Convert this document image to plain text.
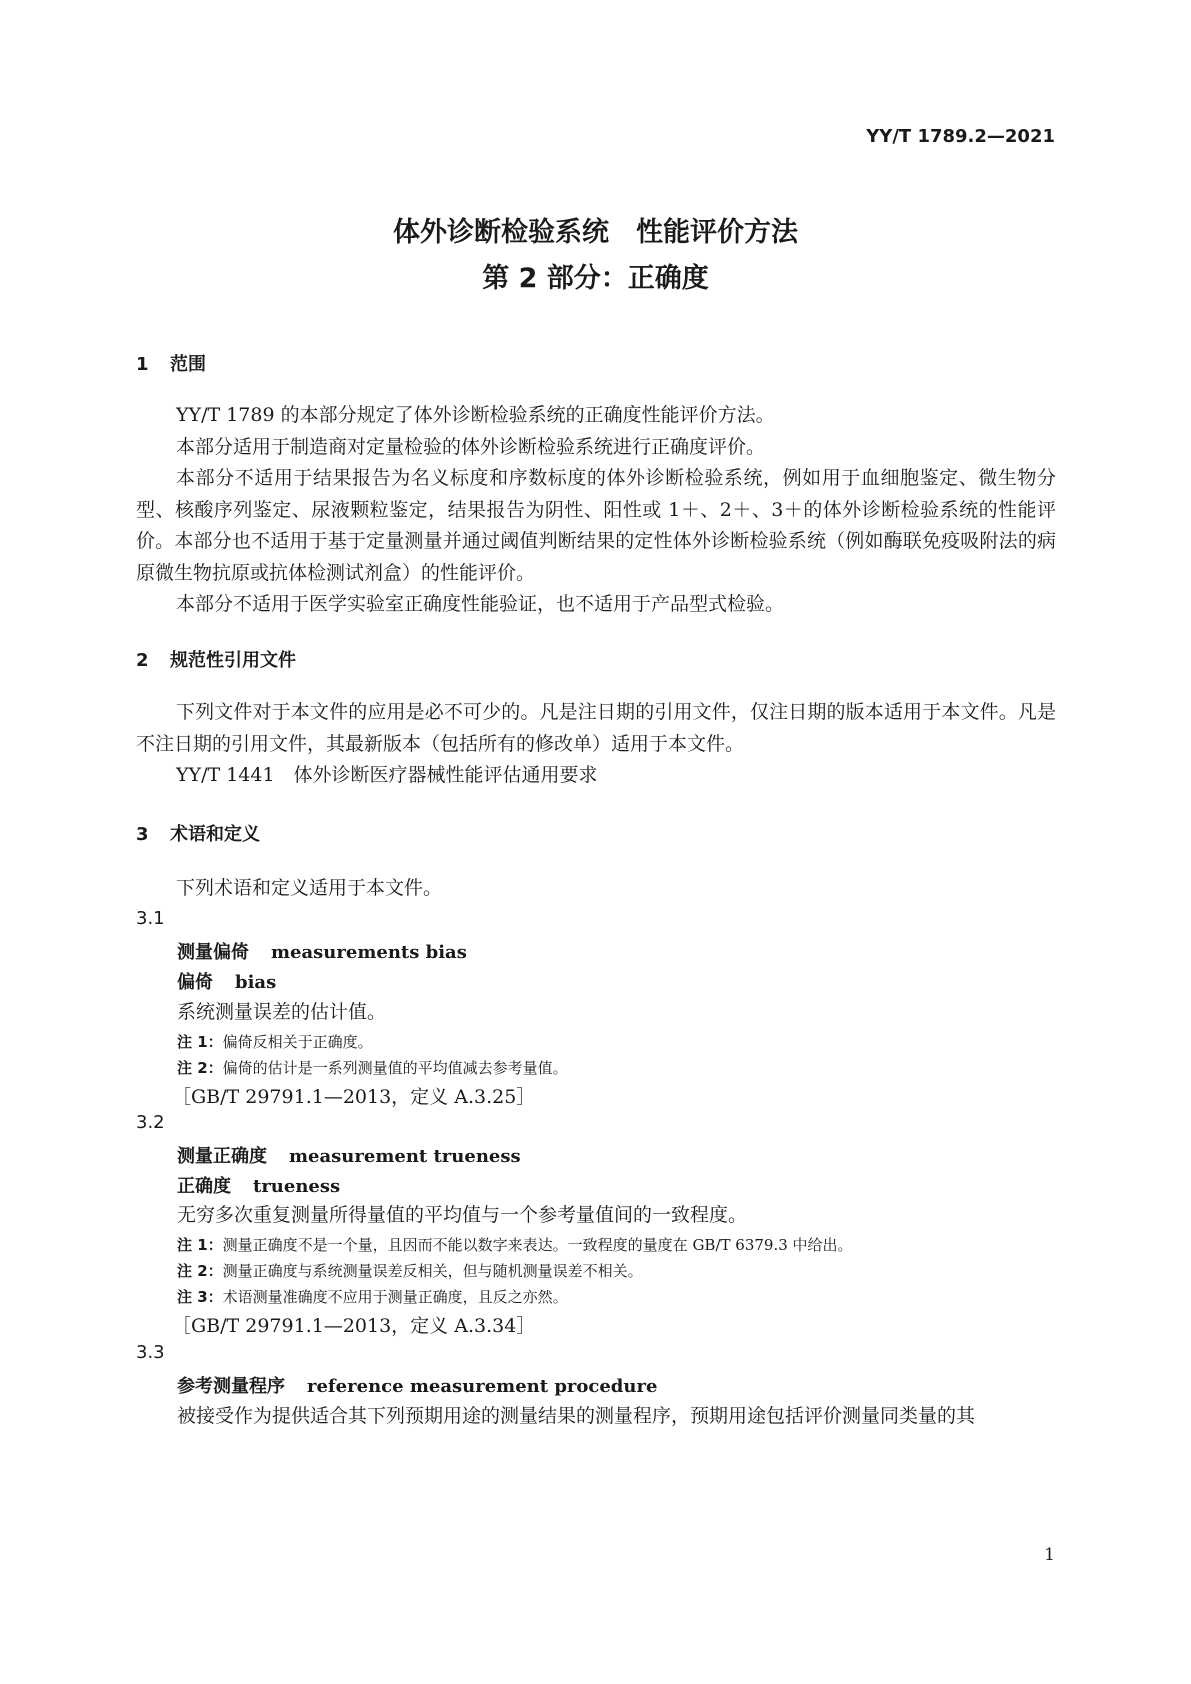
YY/T 1789.2—2021
体外诊断检验系统　性能评价方法
第 2 部分：正确度
1 范围
YY/T 1789 的本部分规定了体外诊断检验系统的正确度性能评价方法。
本部分适用于制造商对定量检验的体外诊断检验系统进行正确度评价。
本部分不适用于结果报告为名义标度和序数标度的体外诊断检验系统，例如用于血细胞鉴定、微生物分型、核酸序列鉴定、尿液颗粒鉴定，结果报告为阴性、阳性或 1＋、2＋、3＋的体外诊断检验系统的性能评价。本部分也不适用于基于定量测量并通过阈值判断结果的定性体外诊断检验系统（例如酶联免疫吸附法的病原微生物抗原或抗体检测试剂盒）的性能评价。
本部分不适用于医学实验室正确度性能验证，也不适用于产品型式检验。
2 规范性引用文件
下列文件对于本文件的应用是必不可少的。凡是注日期的引用文件，仅注日期的版本适用于本文件。凡是不注日期的引用文件，其最新版本（包括所有的修改单）适用于本文件。
YY/T 1441　体外诊断医疗器械性能评估通用要求
3 术语和定义
下列术语和定义适用于本文件。
3.1
测量偏倚 measurements bias
偏倚 bias
系统测量误差的估计值。
注 1：偏倚反相关于正确度。
注 2：偏倚的估计是一系列测量值的平均值减去参考量值。
［GB/T 29791.1—2013，定义 A.3.25］
3.2
测量正确度 measurement trueness
正确度 trueness
无穷多次重复测量所得量值的平均值与一个参考量值间的一致程度。
注 1：测量正确度不是一个量，且因而不能以数字来表达。一致程度的量度在 GB/T 6379.3 中给出。
注 2：测量正确度与系统测量误差反相关，但与随机测量误差不相关。
注 3：术语测量准确度不应用于测量正确度，且反之亦然。
［GB/T 29791.1—2013，定义 A.3.34］
3.3
参考测量程序 reference measurement procedure
被接受作为提供适合其下列预期用途的测量结果的测量程序，预期用途包括评价测量同类量的其
1
